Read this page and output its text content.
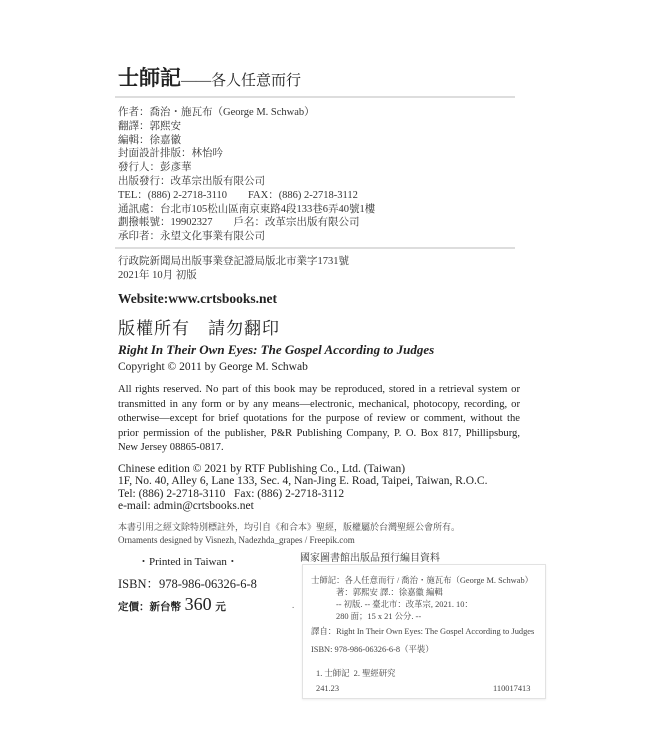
士師記——各人任意而行
作者：喬治・施瓦布（George M. Schwab）
翻譯：郭熙安
編輯：徐嘉徽
封面設計排版：林怡吟
發行人：彭彥華
出版發行：改革宗出版有限公司
TEL：(886) 2-2718-3110　　FAX：(886) 2-2718-3112
通訊處：台北市105松山區南京東路4段133巷6弄40號1樓
劃撥帳號：19902327　　戶名：改革宗出版有限公司
承印者：永望文化事業有限公司
行政院新聞局出版事業登記證局版北市業字1731號
2021年 10月 初版
Website:www.crtsbooks.net
版權所有 請勿翻印
Right In Their Own Eyes: The Gospel According to Judges
Copyright © 2011 by George M. Schwab
All rights reserved. No part of this book may be reproduced, stored in a retrieval system or transmitted in any form or by any means—electronic, mechanical, photocopy, recording, or otherwise—except for brief quotations for the purpose of review or comment, without the prior permission of the publisher, P&R Publishing Company, P. O. Box 817, Phillipsburg, New Jersey 08865-0817.
Chinese edition © 2021 by RTF Publishing Co., Ltd. (Taiwan)
1F, No. 40, Alley 6, Lane 133, Sec. 4, Nan-Jing E. Road, Taipei, Taiwan, R.O.C.
Tel: (886) 2-2718-3110   Fax: (886) 2-2718-3112
e-mail: admin@crtsbooks.net
本書引用之經文除特別標註外，均引自《和合本》聖經，版權屬於台灣聖經公會所有。
Ornaments designed by Visnezh, Nadezhda_grapes / Freepik.com
・Printed in Taiwan・
ISBN：978-986-06326-6-8
定價：新台幣 360 元	.
國家圖書館出版品預行編目資料
士師記：各人任意而行 / 喬治・施瓦布（George M. Schwab）
著：郭熙安 譯.：徐嘉徽 編輯
-- 初版. -- 臺北市：改革宗, 2021. 10：
280 面；15 x 21 公分. --
譯自：Right In Their Own Eyes: The Gospel According to Judges
ISBN: 978-986-06326-6-8（平裝）
1. 士師記  2. 聖經研究
241.23	110017413
